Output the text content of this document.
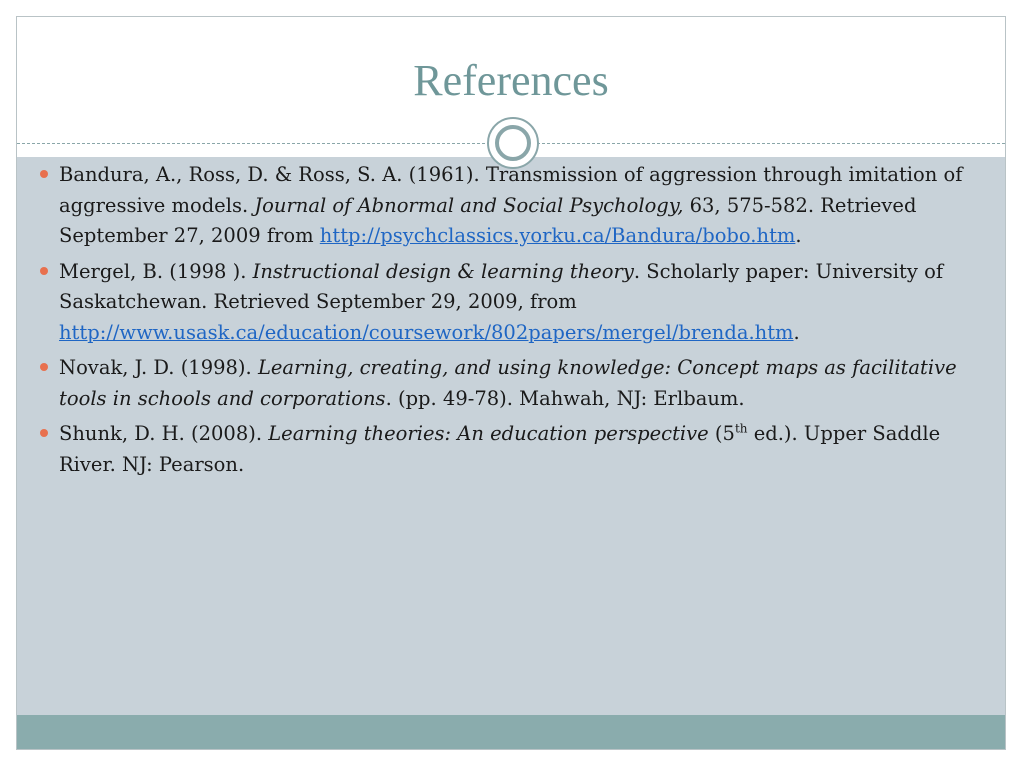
References
Bandura, A., Ross, D. & Ross, S. A. (1961). Transmission of aggression through imitation of aggressive models. Journal of Abnormal and Social Psychology, 63, 575-582. Retrieved September 27, 2009 from http://psychclassics.yorku.ca/Bandura/bobo.htm.
Mergel, B. (1998 ). Instructional design & learning theory. Scholarly paper: University of Saskatchewan. Retrieved September 29, 2009, from http://www.usask.ca/education/coursework/802papers/mergel/brenda.htm.
Novak, J. D. (1998). Learning, creating, and using knowledge: Concept maps as facilitative tools in schools and corporations. (pp. 49-78). Mahwah, NJ: Erlbaum.
Shunk, D. H. (2008). Learning theories: An education perspective (5th ed.). Upper Saddle River. NJ: Pearson.
